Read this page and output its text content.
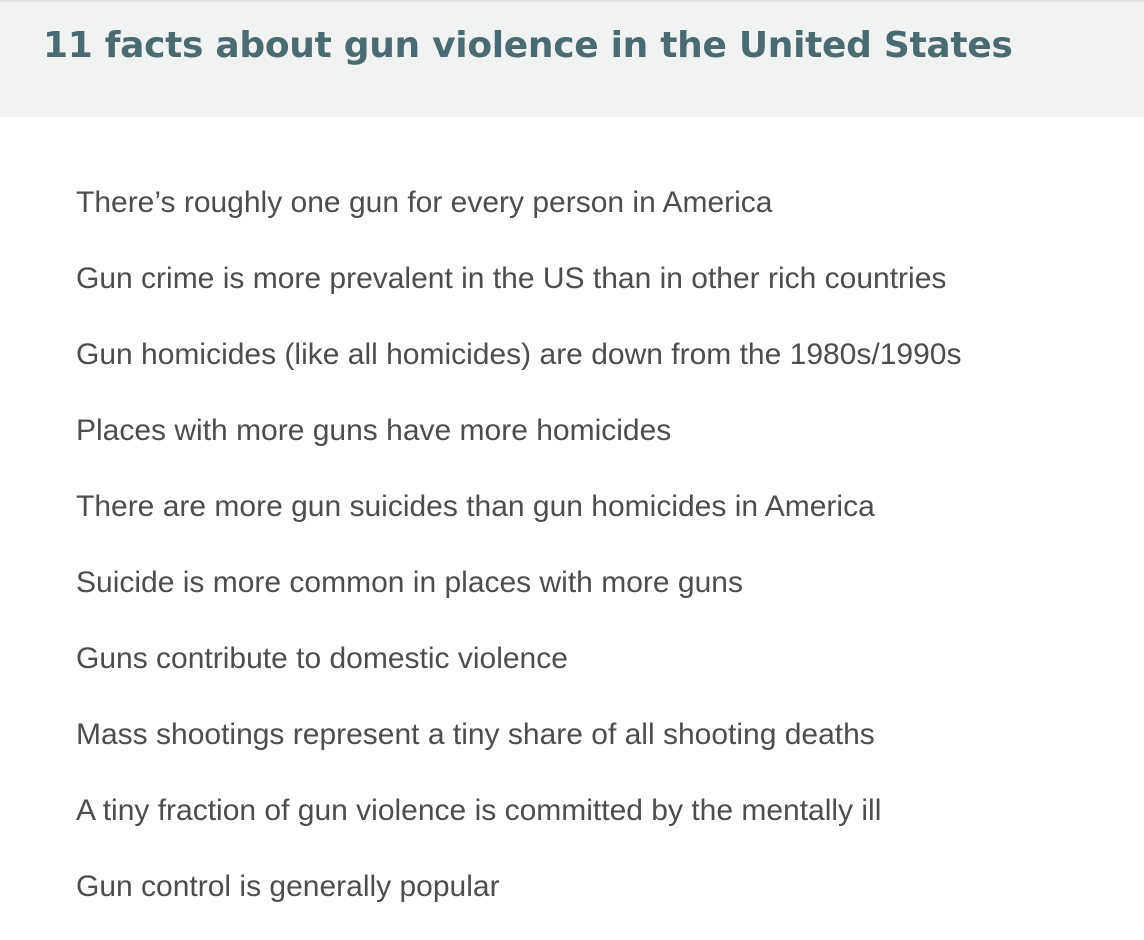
11 facts about gun violence in the United States
There’s roughly one gun for every person in America
Gun crime is more prevalent in the US than in other rich countries
Gun homicides (like all homicides) are down from the 1980s/1990s
Places with more guns have more homicides
There are more gun suicides than gun homicides in America
Suicide is more common in places with more guns
Guns contribute to domestic violence
Mass shootings represent a tiny share of all shooting deaths
A tiny fraction of gun violence is committed by the mentally ill
Gun control is generally popular
